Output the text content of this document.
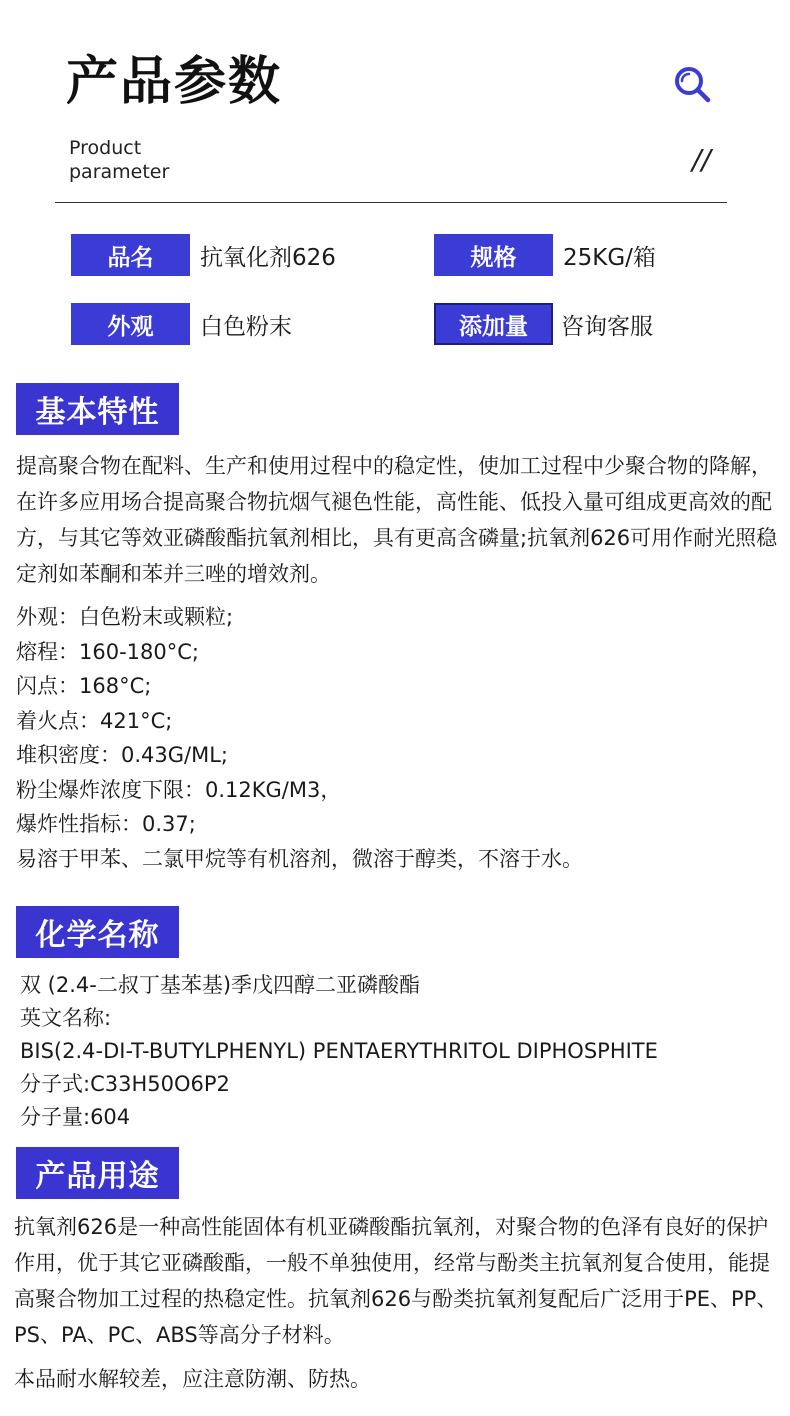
产品参数
Product
parameter	//
品名	抗氧化剂626	规格	25KG/箱
外观	白色粉末	添加量	咨询客服
基本特性
提高聚合物在配料、生产和使用过程中的稳定性，使加工过程中少聚合物的降解，在许多应用场合提高聚合物抗烟气褪色性能，高性能、低投入量可组成更高效的配方，与其它等效亚磷酸酯抗氧剂相比，具有更高含磷量;抗氧剂626可用作耐光照稳定剂如苯酮和苯并三唑的增效剂。
外观：白色粉末或颗粒;
熔程：160-180°C;
闪点：168°C;
着火点：421°C;
堆积密度：0.43G/ML;
粉尘爆炸浓度下限：0.12KG/M3，
爆炸性指标：0.37;
易溶于甲苯、二氯甲烷等有机溶剂，微溶于醇类，不溶于水。
化学名称
双 (2.4-二叔丁基苯基)季戊四醇二亚磷酸酯
英文名称:
BIS(2.4-DI-T-BUTYLPHENYL) PENTAERYTHRITOL DIPHOSPHITE
分子式:C33H50O6P2
分子量:604
产品用途
抗氧剂626是一种高性能固体有机亚磷酸酯抗氧剂，对聚合物的色泽有良好的保护作用，优于其它亚磷酸酯，一般不单独使用，经常与酚类主抗氧剂复合使用，能提高聚合物加工过程的热稳定性。抗氧剂626与酚类抗氧剂复配后广泛用于PE、PP、PS、PA、PC、ABS等高分子材料。
本品耐水解较差，应注意防潮、防热。
